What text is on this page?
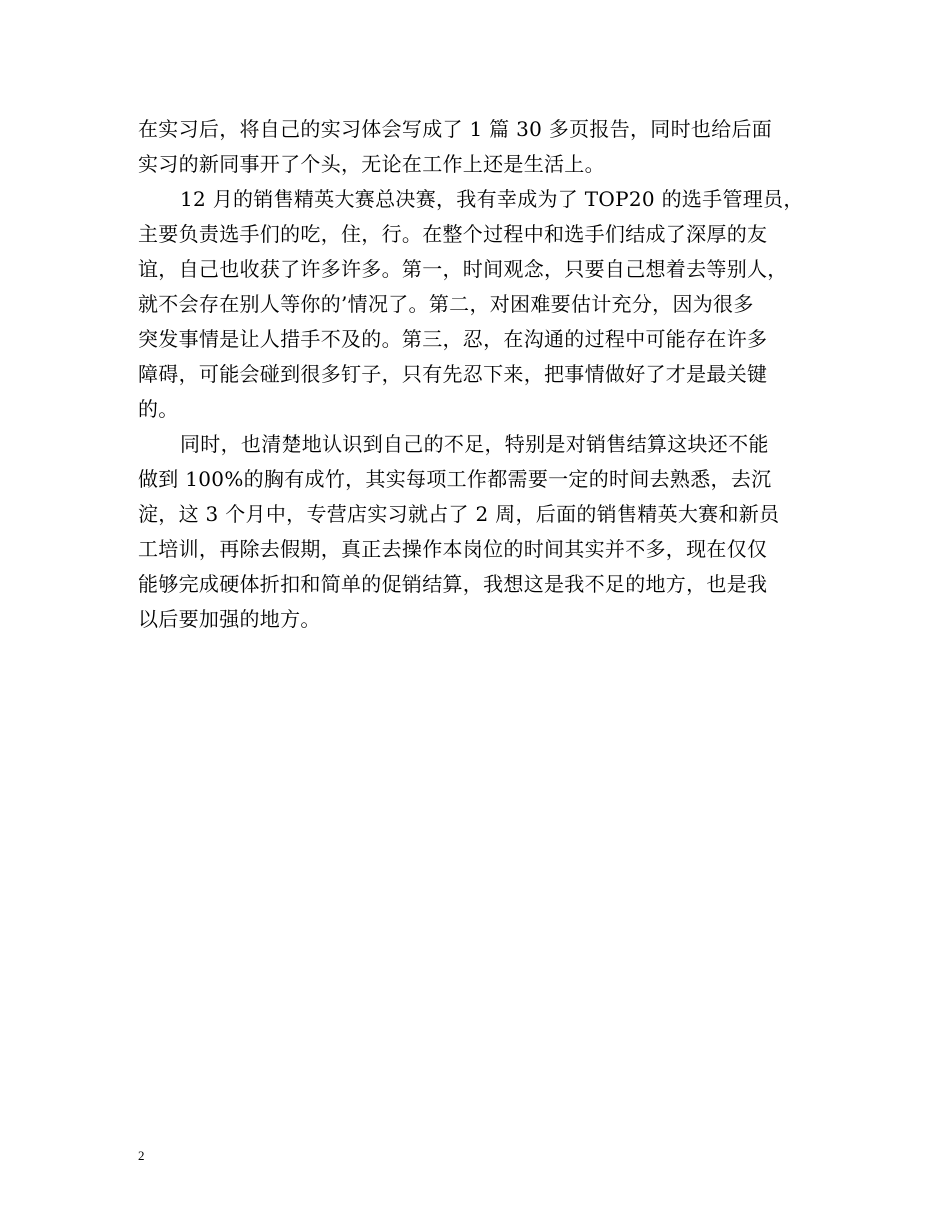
在实习后，将自己的实习体会写成了 1 篇 30 多页报告，同时也给后面
实习的新同事开了个头，无论在工作上还是生活上。

12 月的销售精英大赛总决赛，我有幸成为了 TOP20 的选手管理员，
主要负责选手们的吃，住，行。在整个过程中和选手们结成了深厚的友
谊，自己也收获了许多许多。第一，时间观念，只要自己想着去等别人，
就不会存在别人等你的’情况了。第二，对困难要估计充分，因为很多
突发事情是让人措手不及的。第三，忍，在沟通的过程中可能存在许多
障碍，可能会碰到很多钉子，只有先忍下来，把事情做好了才是最关键
的。

同时，也清楚地认识到自己的不足，特别是对销售结算这块还不能
做到 100%的胸有成竹，其实每项工作都需要一定的时间去熟悉，去沉
淀，这 3 个月中，专营店实习就占了 2 周，后面的销售精英大赛和新员
工培训，再除去假期，真正去操作本岗位的时间其实并不多，现在仅仅
能够完成硬体折扣和简单的促销结算，我想这是我不足的地方，也是我
以后要加强的地方。

2
